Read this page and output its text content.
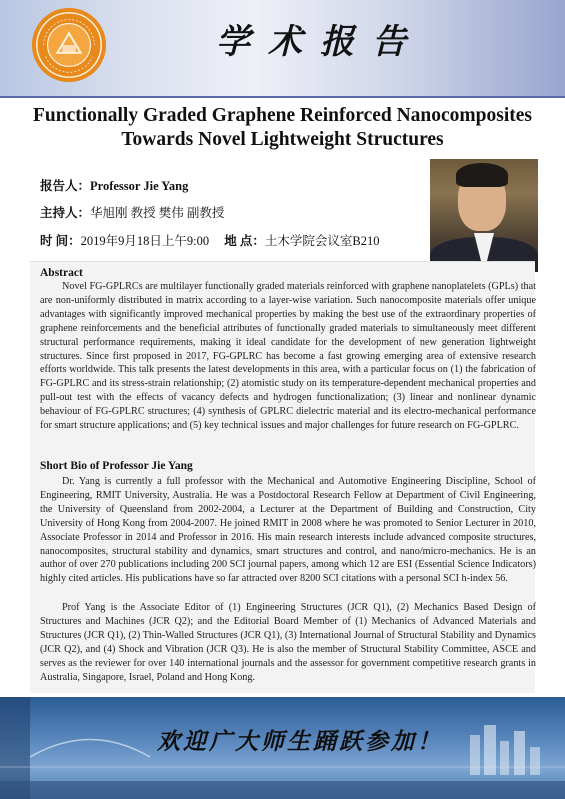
学术报告
Functionally Graded Graphene Reinforced Nanocomposites
Towards Novel Lightweight Structures
报告人：Professor Jie Yang
主持人：华旭刚 教授 樊伟 副教授
时 间：2019年9月18日上午9:00 地 点：土木学院会议室B210
Abstract

Novel FG-GPLRCs are multilayer functionally graded materials reinforced with graphene nanoplatelets (GPLs) that are non-uniformly distributed in matrix according to a layer-wise variation. Such nanocomposite materials offer unique advantages with significantly improved mechanical properties by making the best use of the extraordinary properties of graphene reinforcements and the beneficial attributes of functionally graded materials to simultaneously meet different structural performance requirements, making it ideal candidate for the development of new generation lightweight structures. Since first proposed in 2017, FG-GPLRC has become a fast growing emerging area of extensive research efforts worldwide. This talk presents the latest developments in this area, with a particular focus on (1) the fabrication of FG-GPLRC and its stress-strain relationship; (2) atomistic study on its temperature-dependent mechanical properties and pull-out test with the effects of vacancy defects and hydrogen functionalization; (3) linear and nonlinear dynamic behaviour of FG-GPLRC structures; (4) synthesis of GPLRC dielectric material and its electro-mechanical performance for smart structure applications; and (5) key technical issues and major challenges for future research on FG-GPLRC.

Short Bio of Professor Jie Yang

Dr. Yang is currently a full professor with the Mechanical and Automotive Engineering Discipline, School of Engineering, RMIT University, Australia. He was a Postdoctoral Research Fellow at Department of Civil Engineering, the University of Queensland from 2002-2004, a Lecturer at the Department of Building and Construction, City University of Hong Kong from 2004-2007. He joined RMIT in 2008 where he was promoted to Senior Lecturer in 2010, Associate Professor in 2014 and Professor in 2016. His main research interests include advanced composite structures, nanocomposites, structural stability and dynamics, smart structures and control, and nano/micro-mechanics. He is an author of over 270 publications including 200 SCI journal papers, among which 12 are ESI (Essential Science Indicators) highly cited articles. His publications have so far attracted over 8200 SCI citations with a personal SCI h-index 56.

Prof Yang is the Associate Editor of (1) Engineering Structures (JCR Q1), (2) Mechanics Based Design of Structures and Machines (JCR Q2); and the Editorial Board Member of (1) Mechanics of Advanced Materials and Structures (JCR Q1), (2) Thin-Walled Structures (JCR Q1), (3) International Journal of Structural Stability and Dynamics (JCR Q2), and (4) Shock and Vibration (JCR Q3). He is also the member of Structural Stability Committee, ASCE and serves as the reviewer for over 140 international journals and the assessor for government competitive research grants in Australia, Singapore, Israel, Poland and Hong Kong.

欢迎广大师生踊跃参加！
